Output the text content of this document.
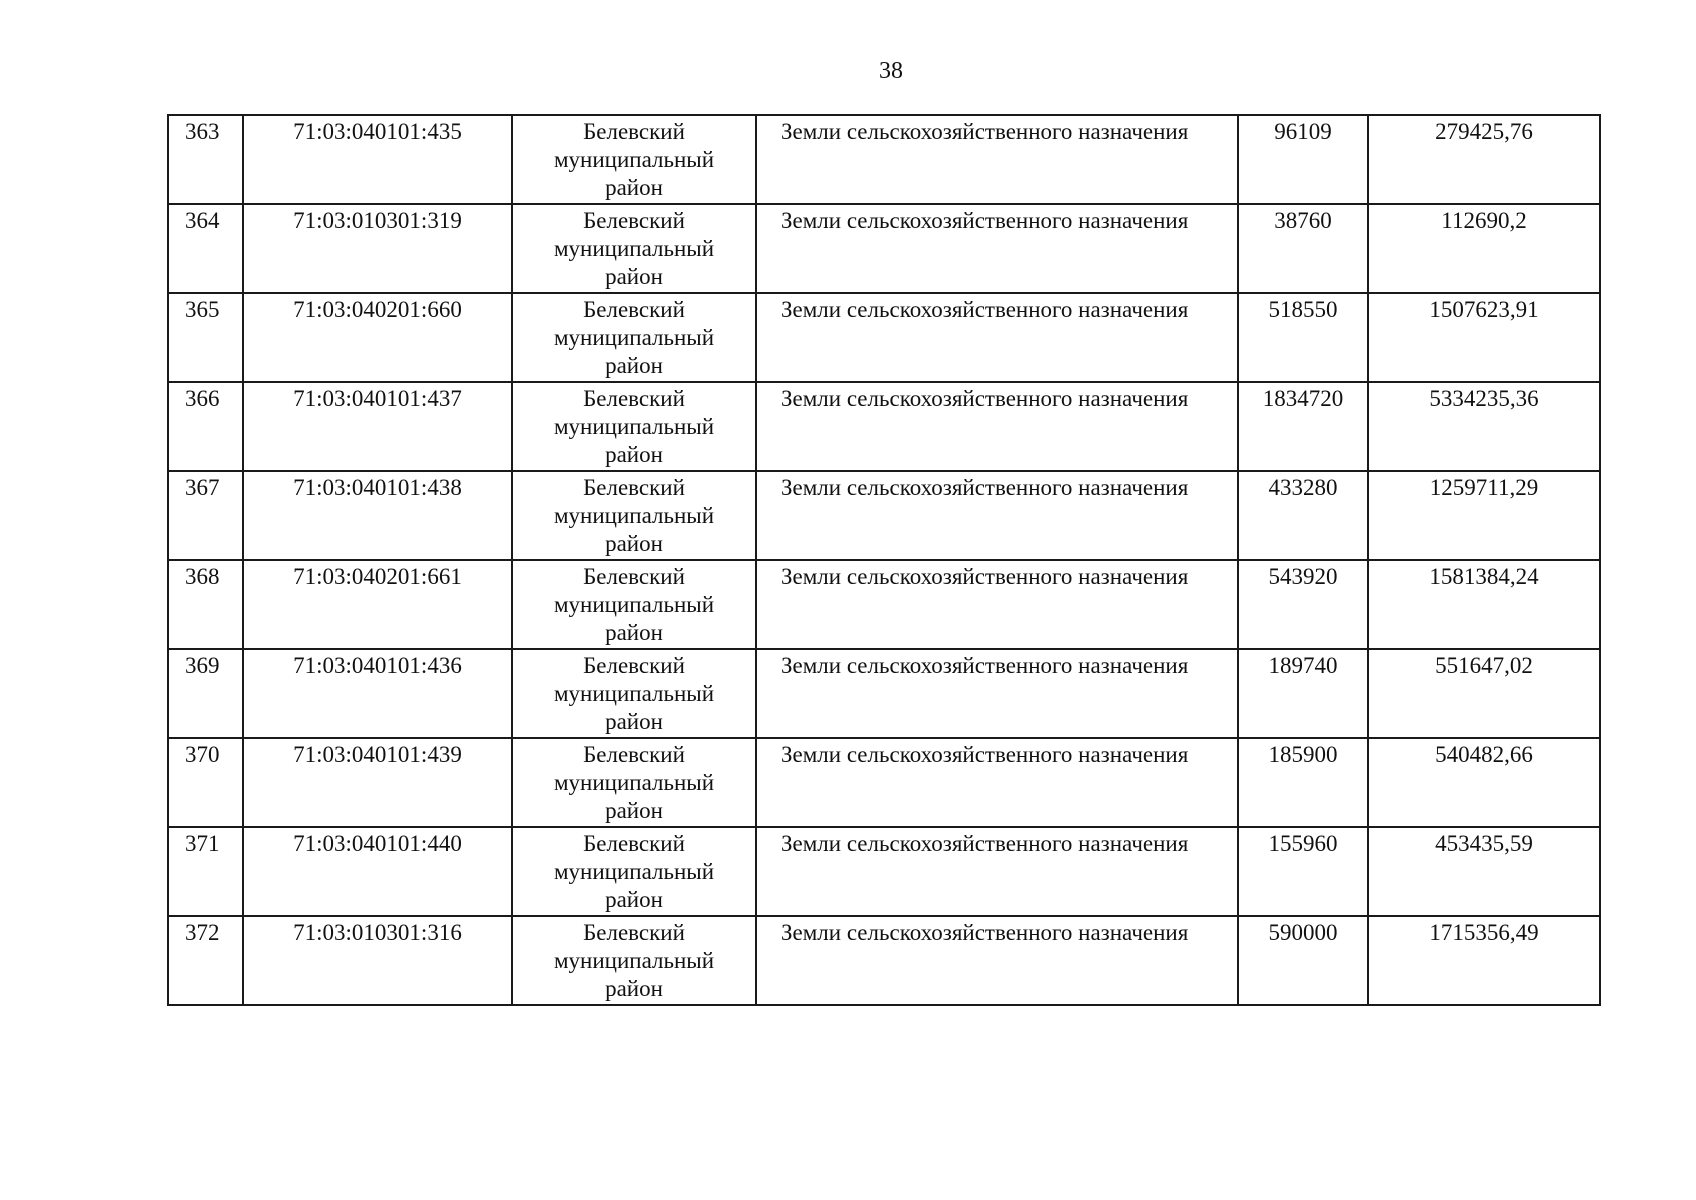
38
363	71:03:040101:435	Белевский
муниципальный
район	Земли сельскохозяйственного назначения	96109	279425,76
364	71:03:010301:319	Белевский
муниципальный
район	Земли сельскохозяйственного назначения	38760	112690,2
365	71:03:040201:660	Белевский
муниципальный
район	Земли сельскохозяйственного назначения	518550	1507623,91
366	71:03:040101:437	Белевский
муниципальный
район	Земли сельскохозяйственного назначения	1834720	5334235,36
367	71:03:040101:438	Белевский
муниципальный
район	Земли сельскохозяйственного назначения	433280	1259711,29
368	71:03:040201:661	Белевский
муниципальный
район	Земли сельскохозяйственного назначения	543920	1581384,24
369	71:03:040101:436	Белевский
муниципальный
район	Земли сельскохозяйственного назначения	189740	551647,02
370	71:03:040101:439	Белевский
муниципальный
район	Земли сельскохозяйственного назначения	185900	540482,66
371	71:03:040101:440	Белевский
муниципальный
район	Земли сельскохозяйственного назначения	155960	453435,59
372	71:03:010301:316	Белевский
муниципальный
район	Земли сельскохозяйственного назначения	590000	1715356,49
